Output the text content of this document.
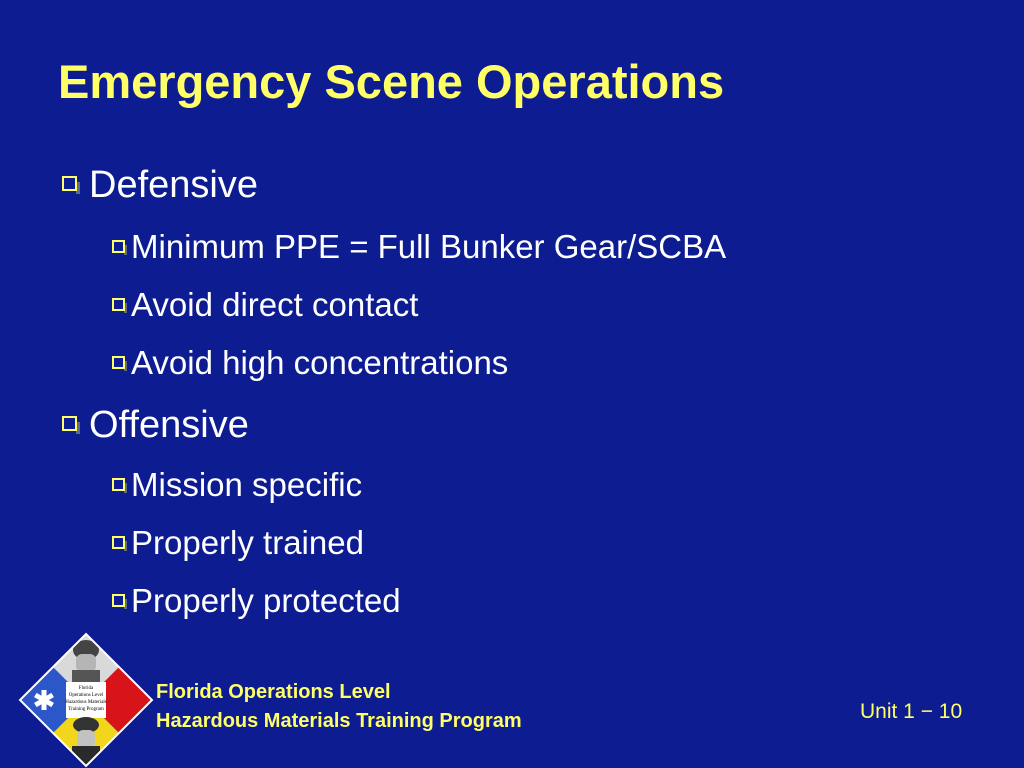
Emergency Scene Operations
Defensive
Minimum PPE = Full Bunker Gear/SCBA
Avoid direct contact
Avoid high concentrations
Offensive
Mission specific
Properly trained
Properly protected
Florida
Operations Level
Hazardous Materials
Training Program
Florida Operations Level
Hazardous Materials Training Program	Unit 1 − 10
